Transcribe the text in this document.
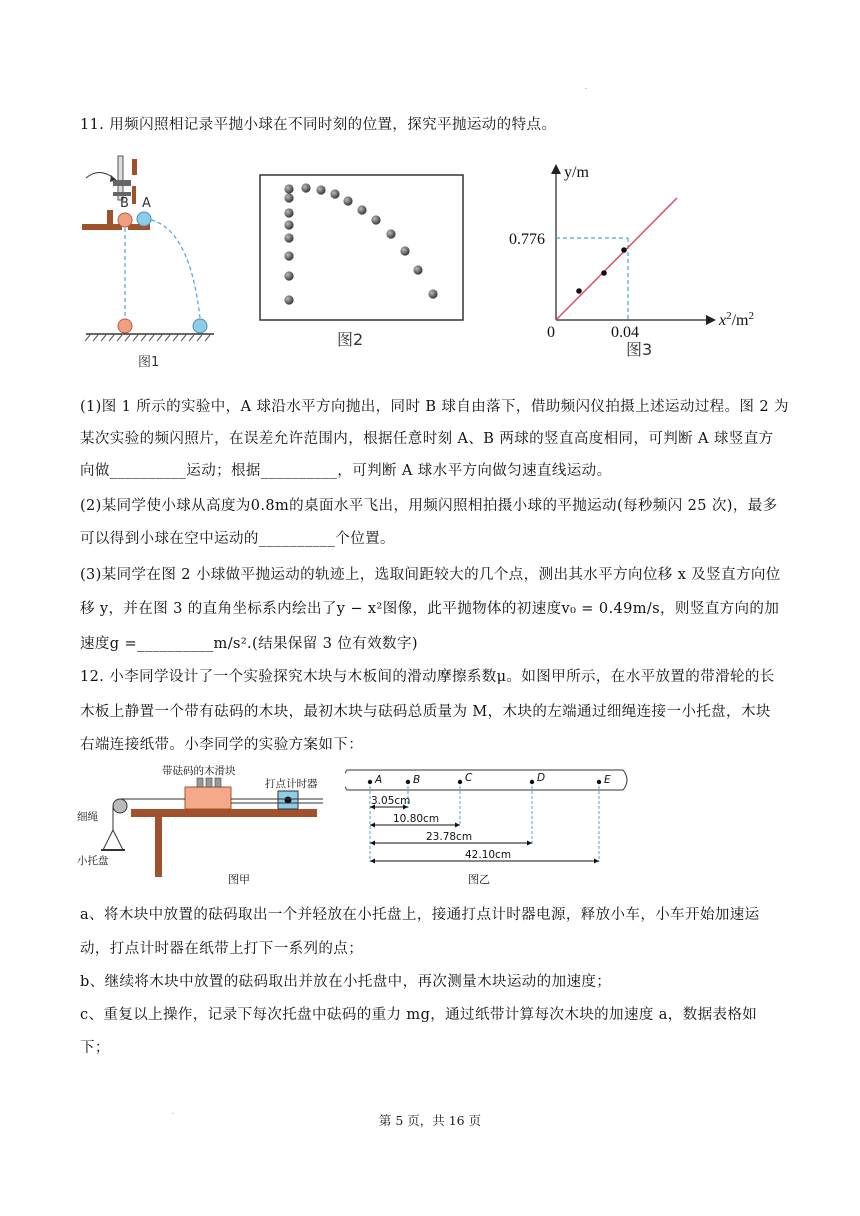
·
·
11. 用频闪照相记录平抛小球在不同时刻的位置，探究平抛运动的特点。
B A
图1
图2
y/m
$x^2/m^2$
0
0.776
0.04
图3
(1)图 1 所示的实验中，A 球沿水平方向抛出，同时 B 球自由落下，借助频闪仪拍摄上述运动过程。图 2 为
某次实验的频闪照片，在误差允许范围内，根据任意时刻 A、B 两球的竖直高度相同，可判断 A 球竖直方
向做__________运动；根据__________，可判断 A 球水平方向做匀速直线运动。
(2)某同学使小球从高度为0.8m的桌面水平飞出，用频闪照相拍摄小球的平抛运动(每秒频闪 25 次)，最多
可以得到小球在空中运动的__________个位置。
(3)某同学在图 2 小球做平抛运动的轨迹上，选取间距较大的几个点，测出其水平方向位移 x 及竖直方向位
移 y，并在图 3 的直角坐标系内绘出了y − x²图像，此平抛物体的初速度v₀ = 0.49m/s，则竖直方向的加
速度g =__________m/s².(结果保留 3 位有效数字)
12. 小李同学设计了一个实验探究木块与木板间的滑动摩擦系数μ。如图甲所示，在水平放置的带滑轮的长
木板上静置一个带有砝码的木块，最初木块与砝码总质量为 M，木块的左端通过细绳连接一小托盘，木块
右端连接纸带。小李同学的实验方案如下：
带砝码的木滑块
打点计时器
细绳
小托盘
图甲
A	B	C	D	E
3.05cm
10.80cm
23.78cm
42.10cm
图乙
a、将木块中放置的砝码取出一个并轻放在小托盘上，接通打点计时器电源，释放小车，小车开始加速运
动，打点计时器在纸带上打下一系列的点；
b、继续将木块中放置的砝码取出并放在小托盘中，再次测量木块运动的加速度；
c、重复以上操作，记录下每次托盘中砝码的重力 mg，通过纸带计算每次木块的加速度 a，数据表格如
下；
第 5 页，共 16 页
